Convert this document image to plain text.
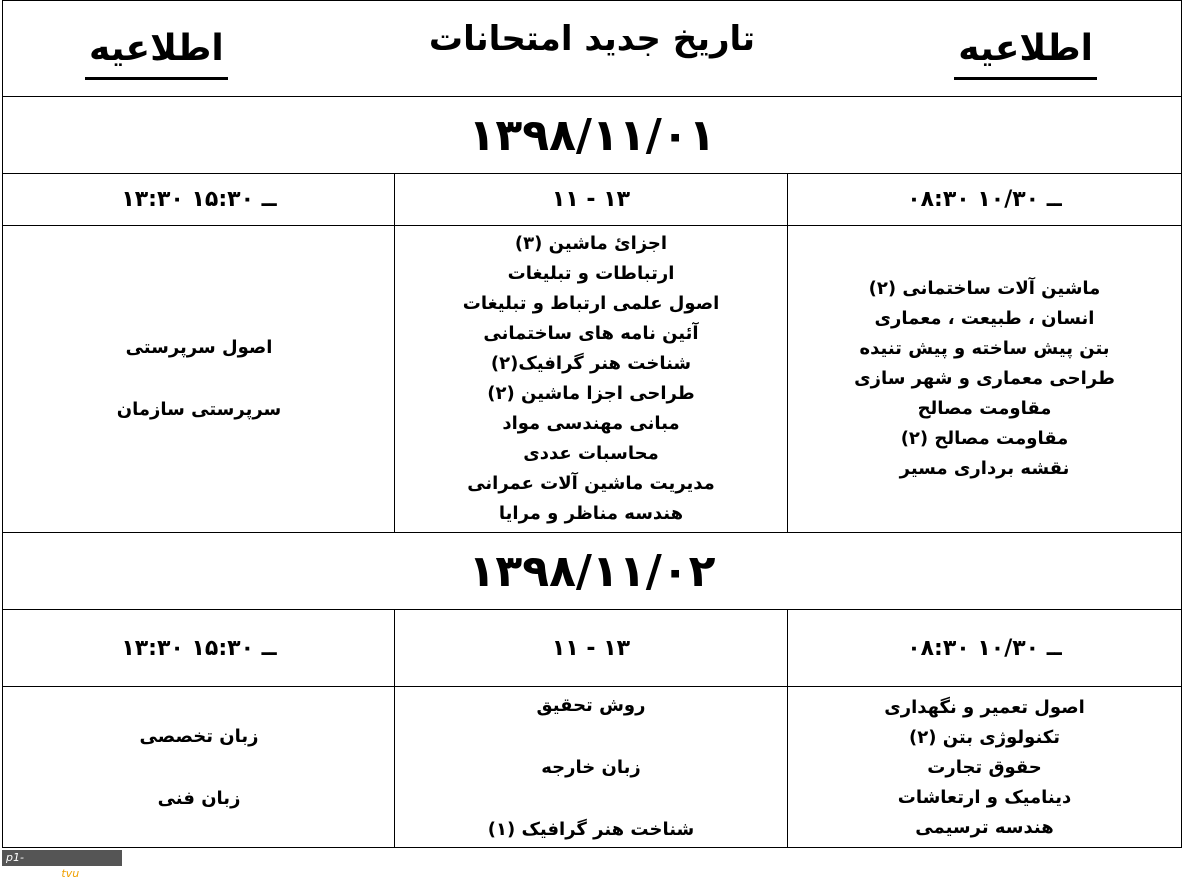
اطلاعیه
تاریخ جدید امتحانات
اطلاعیه
۱۳۹۸/۱۱/۰۱
۰۸:۳۰ ــ ۱۰/۳۰
۱۱ - ۱۳
۱۳:۳۰ ــ ۱۵:۳۰

ماشین آلات ساختمانی (۲)

انسان ، طبیعت ، معماری

بتن پیش ساخته و پیش تنیده

طراحی معماری و شهر سازی

مقاومت مصالح

مقاومت مصالح (۲)

نقشه برداری مسیر

اجزائ ماشین (۳)

ارتباطات و تبلیغات

اصول علمی ارتباط و تبلیغات

آئین نامه های ساختمانی

شناخت هنر گرافیک(۲)

طراحی اجزا ماشین (۲)

مبانی مهندسی مواد

محاسبات عددی

مدیریت ماشین آلات عمرانی

هندسه مناظر و مرایا

اصول سرپرستی

سرپرستی سازمان

۱۳۹۸/۱۱/۰۲
۰۸:۳۰ ــ ۱۰/۳۰
۱۱ - ۱۳
۱۳:۳۰ ــ ۱۵:۳۰

اصول تعمیر و نگهداری

تکنولوژی بتن (۲)

حقوق تجارت

دینامیک و ارتعاشات

هندسه ترسیمی

روش تحقیق

زبان خارجه

شناخت هنر گرافیک (۱)

زبان تخصصی

زبان فنی

p1-hamedan.tvu.ac.ir
